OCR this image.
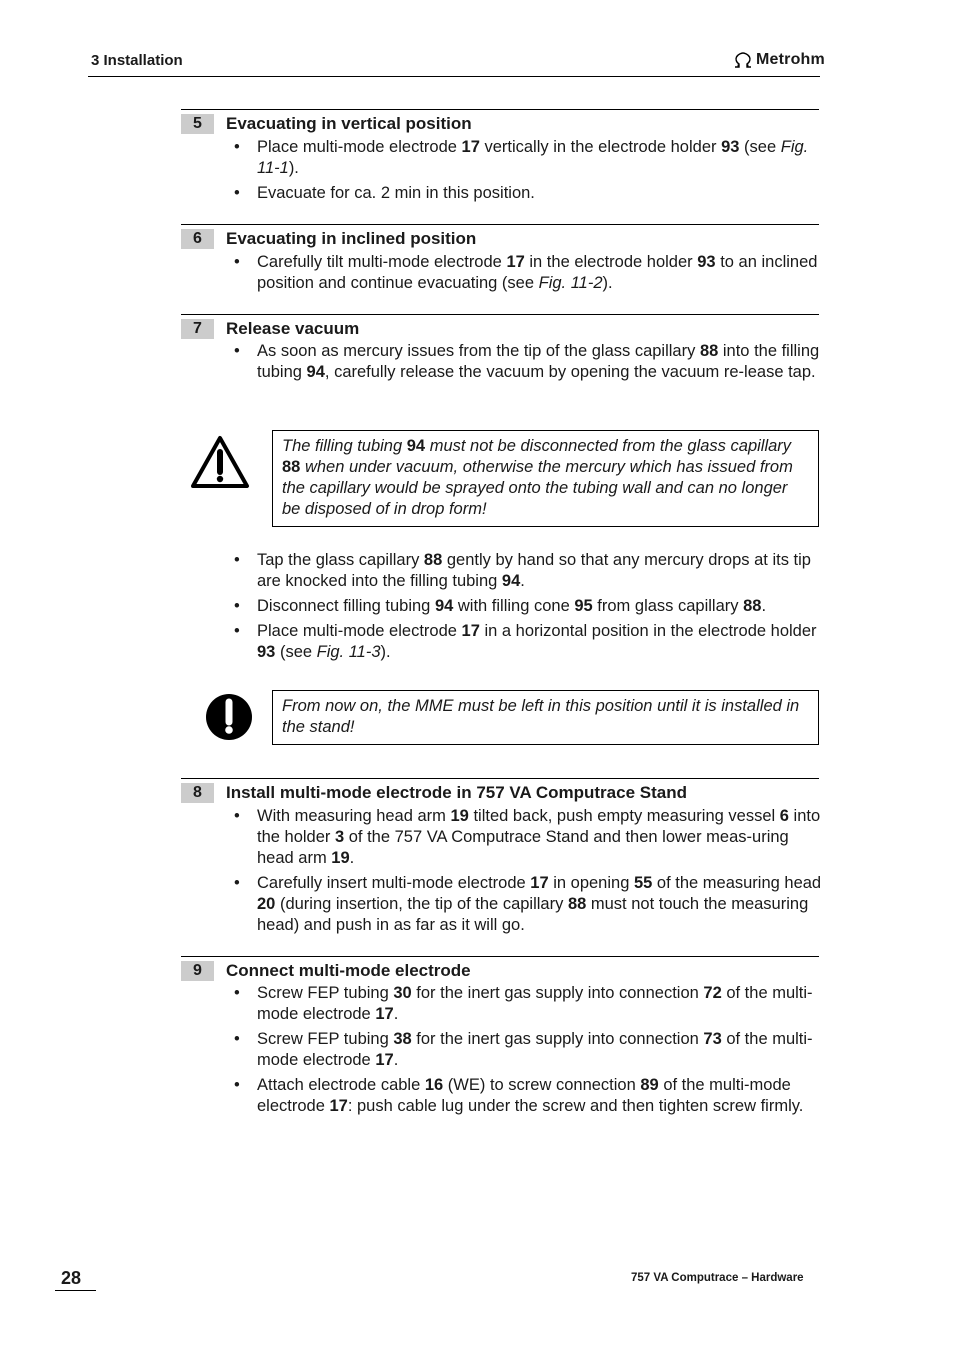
3 Installation	Metrohm
5	Evacuating in vertical position
• Place multi-mode electrode 17 vertically in the electrode holder 93 (see Fig. 11-1).
• Evacuate for ca. 2 min in this position.
6	Evacuating in inclined position
• Carefully tilt multi-mode electrode 17 in the electrode holder 93 to an inclined position and continue evacuating (see Fig. 11-2).
7	Release vacuum
• As soon as mercury issues from the tip of the glass capillary 88 into the filling tubing 94, carefully release the vacuum by opening the vacuum re-lease tap.
The filling tubing 94 must not be disconnected from the glass capillary 88 when under vacuum, otherwise the mercury which has issued from the capillary would be sprayed onto the tubing wall and can no longer be disposed of in drop form!
• Tap the glass capillary 88 gently by hand so that any mercury drops at its tip are knocked into the filling tubing 94.
• Disconnect filling tubing 94 with filling cone 95 from glass capillary 88.
• Place multi-mode electrode 17 in a horizontal position in the electrode holder 93 (see Fig. 11-3).
From now on, the MME must be left in this position until it is installed in the stand!
8	Install multi-mode electrode in 757 VA Computrace Stand
• With measuring head arm 19 tilted back, push empty measuring vessel 6 into the holder 3 of the 757 VA Computrace Stand and then lower meas-uring head arm 19.
• Carefully insert multi-mode electrode 17 in opening 55 of the measuring head 20 (during insertion, the tip of the capillary 88 must not touch the measuring head) and push in as far as it will go.
9	Connect multi-mode electrode
• Screw FEP tubing 30 for the inert gas supply into connection 72 of the multi-mode electrode 17.
• Screw FEP tubing 38 for the inert gas supply into connection 73 of the multi-mode electrode 17.
• Attach electrode cable 16 (WE) to screw connection 89 of the multi-mode electrode 17: push cable lug under the screw and then tighten screw firmly.
28	757 VA Computrace – Hardware
